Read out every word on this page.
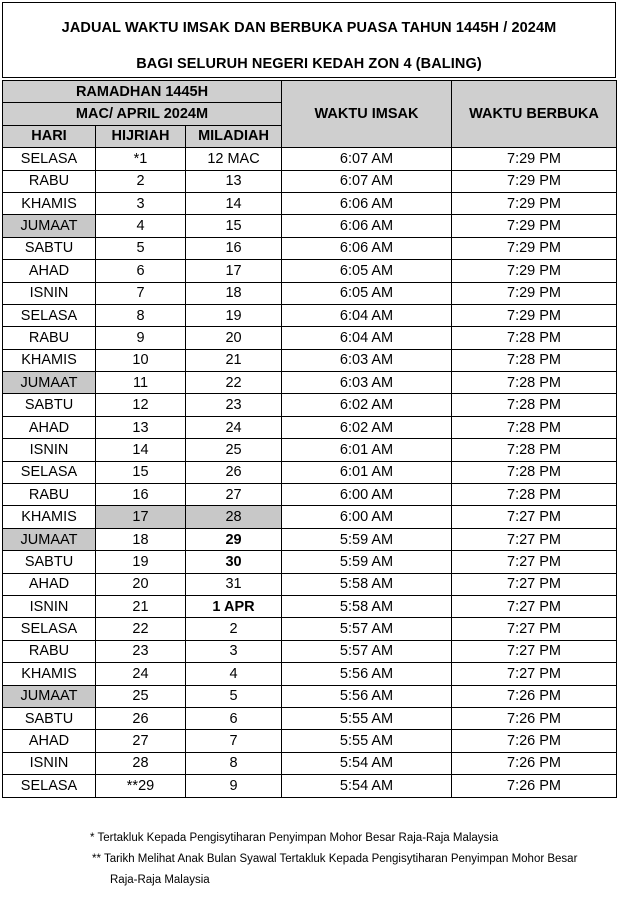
JADUAL WAKTU IMSAK DAN BERBUKA PUASA TAHUN 1445H / 2024M
BAGI SELURUH NEGERI KEDAH ZON 4 (BALING)
RAMADHAN 1445H			WAKTU IMSAK	WAKTU BERBUKA
MAC/ APRIL 2024M				
HARI	HIJRIAH	MILADIAH		
SELASA	*1	12 MAC	6:07 AM	7:29 PM
RABU	2	13	6:07 AM	7:29 PM
KHAMIS	3	14	6:06 AM	7:29 PM
JUMAAT	4	15	6:06 AM	7:29 PM
SABTU	5	16	6:06 AM	7:29 PM
AHAD	6	17	6:05 AM	7:29 PM
ISNIN	7	18	6:05 AM	7:29 PM
SELASA	8	19	6:04 AM	7:29 PM
RABU	9	20	6:04 AM	7:28 PM
KHAMIS	10	21	6:03 AM	7:28 PM
JUMAAT	11	22	6:03 AM	7:28 PM
SABTU	12	23	6:02 AM	7:28 PM
AHAD	13	24	6:02 AM	7:28 PM
ISNIN	14	25	6:01 AM	7:28 PM
SELASA	15	26	6:01 AM	7:28 PM
RABU	16	27	6:00 AM	7:28 PM
KHAMIS	17	28	6:00 AM	7:27 PM
JUMAAT	18	29	5:59 AM	7:27 PM
SABTU	19	30	5:59 AM	7:27 PM
AHAD	20	31	5:58 AM	7:27 PM
ISNIN	21	1 APR	5:58 AM	7:27 PM
SELASA	22	2	5:57 AM	7:27 PM
RABU	23	3	5:57 AM	7:27 PM
KHAMIS	24	4	5:56 AM	7:27 PM
JUMAAT	25	5	5:56 AM	7:26 PM
SABTU	26	6	5:55 AM	7:26 PM
AHAD	27	7	5:55 AM	7:26 PM
ISNIN	28	8	5:54 AM	7:26 PM
SELASA	**29	9	5:54 AM	7:26 PM
* Tertakluk Kepada Pengisytiharan Penyimpan Mohor Besar Raja-Raja Malaysia
** Tarikh Melihat Anak Bulan Syawal Tertakluk Kepada Pengisytiharan Penyimpan Mohor Besar
Raja-Raja Malaysia
